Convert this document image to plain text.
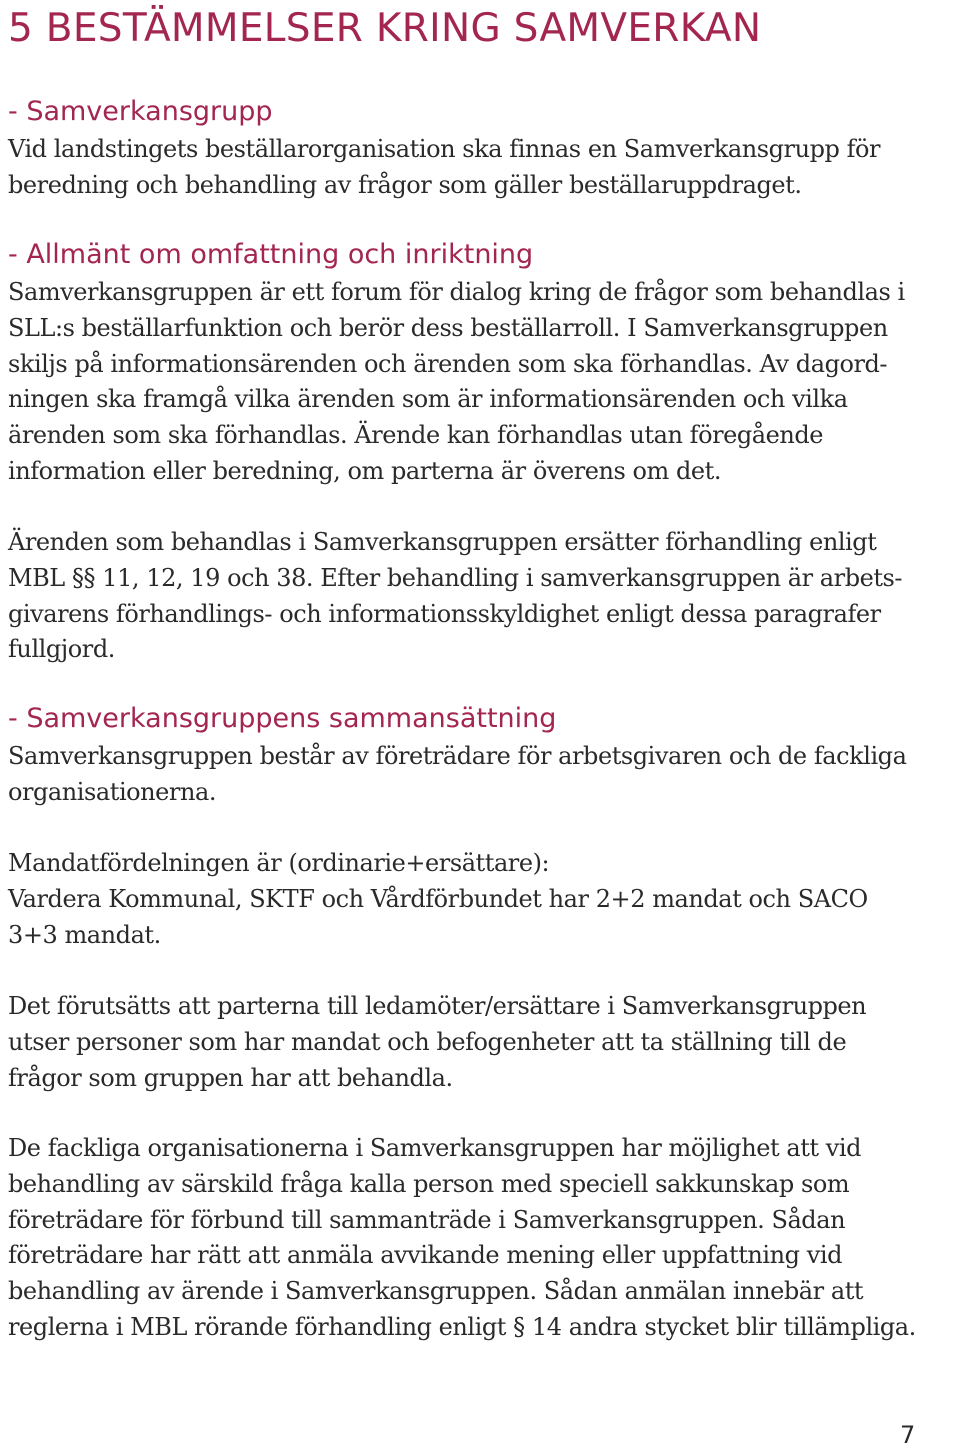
5 BESTÄMMELSER KRING SAMVERKAN
- Samverkansgrupp

Vid landstingets beställarorganisation ska finnas en Samverkansgrupp för
beredning och behandling av frågor som gäller beställaruppdraget.

- Allmänt om omfattning och inriktning

Samverkansgruppen är ett forum för dialog kring de frågor som behandlas i
SLL:s beställarfunktion och berör dess beställarroll. I Samverkansgruppen
skiljs på informationsärenden och ärenden som ska förhandlas. Av dagord-
ningen ska framgå vilka ärenden som är informationsärenden och vilka
ärenden som ska förhandlas. Ärende kan förhandlas utan föregående
information eller beredning, om parterna är överens om det.

Ärenden som behandlas i Samverkansgruppen ersätter förhandling enligt
MBL §§ 11, 12, 19 och 38. Efter behandling i samverkansgruppen är arbets-
givarens förhandlings- och informationsskyldighet enligt dessa paragrafer
fullgjord.

- Samverkansgruppens sammansättning

Samverkansgruppen består av företrädare för arbetsgivaren och de fackliga
organisationerna.

Mandatfördelningen är (ordinarie+ersättare):
Vardera Kommunal, SKTF och Vårdförbundet har 2+2 mandat och SACO
3+3 mandat.

Det förutsätts att parterna till ledamöter/ersättare i Samverkansgruppen
utser personer som har mandat och befogenheter att ta ställning till de
frågor som gruppen har att behandla.

De fackliga organisationerna i Samverkansgruppen har möjlighet att vid
behandling av särskild fråga kalla person med speciell sakkunskap som
företrädare för förbund till sammanträde i Samverkansgruppen. Sådan
företrädare har rätt att anmäla avvikande mening eller uppfattning vid
behandling av ärende i Samverkansgruppen. Sådan anmälan innebär att
reglerna i MBL rörande förhandling enligt § 14 andra stycket blir tillämpliga.

7
